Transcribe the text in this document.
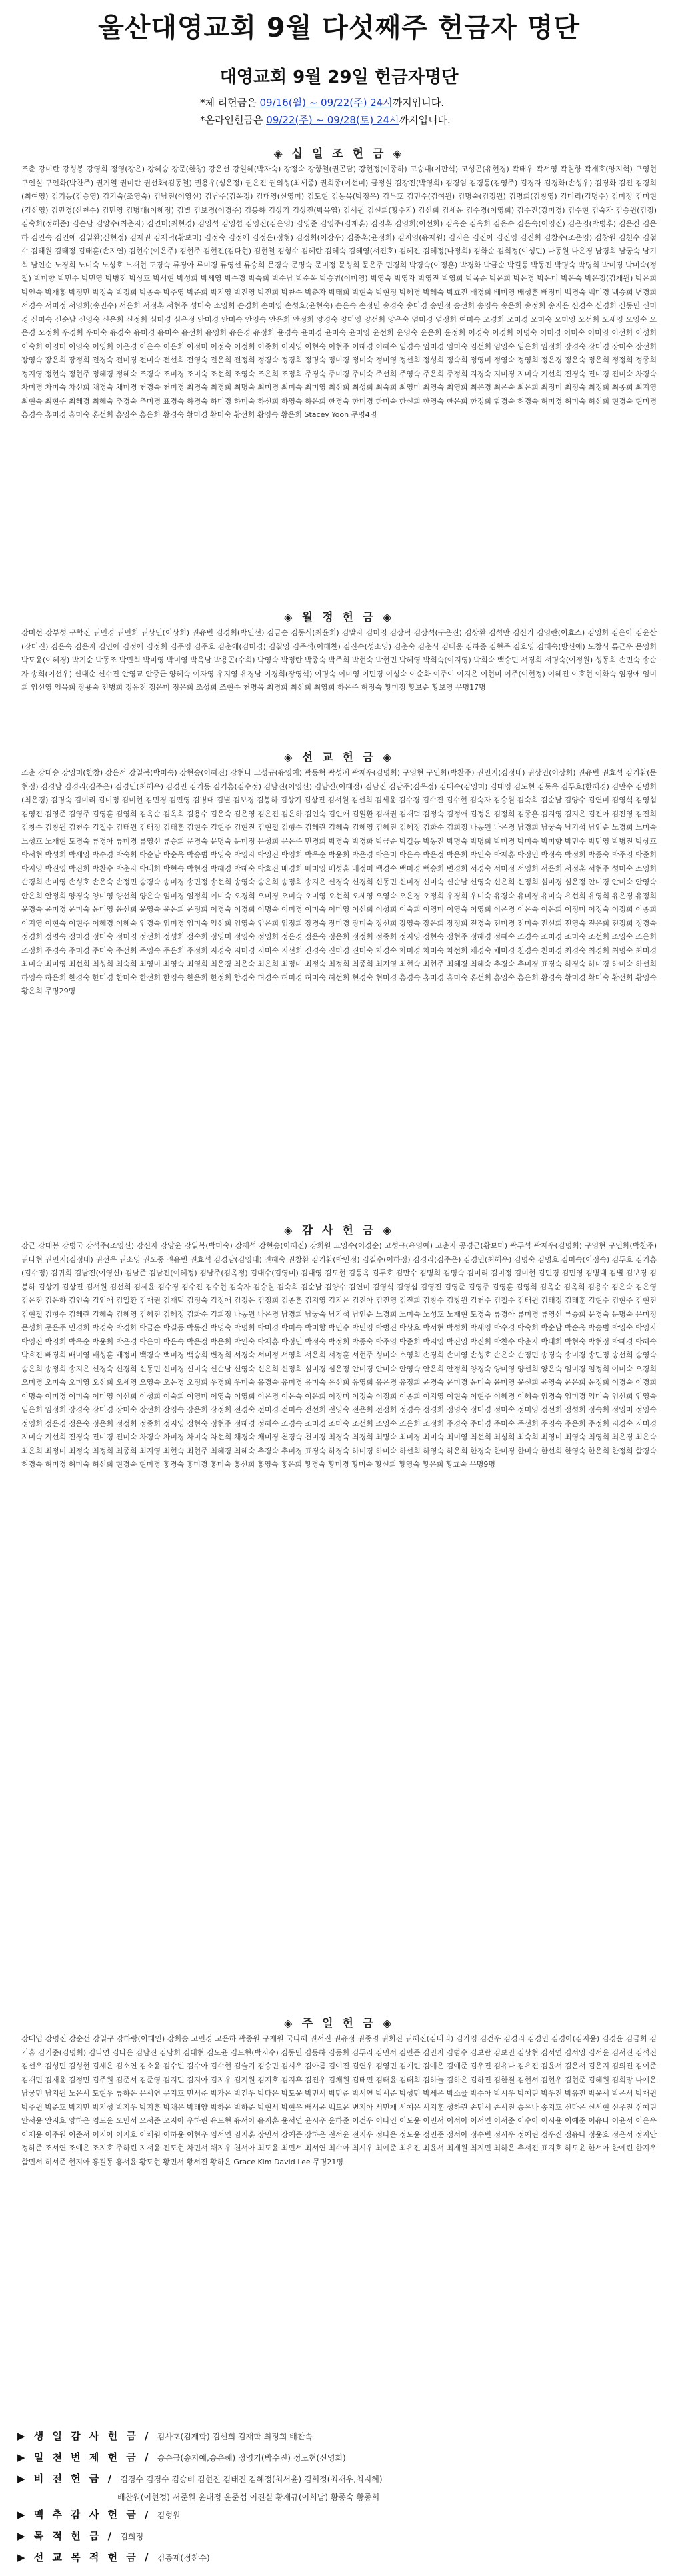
울산대영교회 9월 다섯째주 헌금자 명단
대영교회 9월 29일 헌금자명단
*체 리헌금은 09/16(월) ~ 09/22(주) 24시까지입니다.
*온라인헌금은 09/22(주) ~ 09/28(토) 24시까지입니다.
◈ 십 일 조 헌 금 ◈
조춘 강미란 강성봉 강영희 정영(강은) 강혜승 강문(한창) 강은선 강일혜(박자숙) 강정숙 강향철(권곤담) 강현정(이종하) 고승대(이판석) 고성곤(유현경) 곽태우 곽서영 곽원향 곽재호(양지혁) 구영현 구인실 구인화(박찬주) 권기열 권미란 권선화(김동철) 권용우(성은정) 권은진 권의성(최세종) 권희종(이선미) 금정실 김강진(박영희) 김경임 김경동(김영주) 김경자 김경화(손성우) 김경화 김진 김경희(최여영) 김기동(김승영) 김기숙(조영숙) 김남진(이영신) 김남주(김옥정) 김대영(신영미) 김도현 김동옥(박정우) 김두호 김민수(김여원) 김명숙(김정원) 김명희(김창영) 김미리(김명수) 김미정 김미현(김선영) 김민경(신천수) 김민영 김병대(이혜정) 김별 김보경(이경주) 김봉하 김상기 김상진(박옥엽) 김서원 김선희(황수지) 김선희 김세윤 김수경(이영희) 김수진(강미경) 김수현 김숙자 김승원(김정) 김숙희(정해준) 김순남 김양수(최춘자) 김연미(최현경) 김영석 김영섭 김영진(김은영) 김영준 김영주(김재훈) 김영훈 김영희(이선화) 김옥순 김옥희 김용수 김은숙(이영진) 김은영(박병후) 김은진 김은하 김인숙 김인애 김일환(신현정) 김재권 김재덕(황보미) 김정숙 김정애 김정은(정형) 김정희(이장우) 김종훈(윤정희) 김지영(유재원) 김지은 김진아 김진영 김진희 김창수(조은영) 김창원 김천수 김철수 김태원 김태정 김태훈(손지연) 김현수(이은주) 김현주 김현진(김다현) 김현철 김형수 김혜란 김혜숙 김혜영(서진호) 김혜진 김혜정(나정희) 김화순 김희정(이성민) 나동원 나은경 남경희 남궁숙 남기석 남인순 노경희 노미숙 노성호 노재현 도경숙 류경아 류미경 류영선 류승희 문경숙 문명숙 문미정 문성희 문은주 민경희 박경숙(이정훈) 박경화 박금순 박길동 박동진 박명숙 박명희 박미경 박미숙(정철) 박미향 박민수 박민영 박병진 박상호 박서현 박성희 박세영 박수경 박숙희 박순남 박순옥 박승범(이미영) 박영숙 박영자 박영진 박영희 박옥순 박윤희 박은경 박은미 박은숙 박은정(김재원) 박은희 박인숙 박재홍 박정민 박정숙 박정희 박종숙 박주영 박준희 박지영 박진영 박진희 박찬수 박춘자 박태희 박현숙 박현정 박혜경 박혜숙 박효진 배경희 배미영 배성훈 배정미 백경숙 백미경 백승희 변경희 서경숙 서미정 서영희(송민수) 서은희 서정훈 서현주 성미숙 소영희 손경희 손미영 손성호(윤현숙) 손은숙 손정민 송경숙 송미경 송민정 송선희 송영숙 송은희 송정희 송지은 신경숙 신경희 신동민 신미경 신미숙 신순남 신영숙 신은희 신정희 심미경 심은정 안미경 안미숙 안영숙 안은희 안정희 양경숙 양미영 양선희 양은숙 엄미경 엄정희 여미숙 오경희 오미경 오미숙 오미영 오선희 오세영 오영숙 오은경 오정희 우경희 우미숙 유경숙 유미경 유미숙 유선희 유영희 유은경 유정희 윤경숙 윤미경 윤미숙 윤미영 윤선희 윤영숙 윤은희 윤정희 이경숙 이경희 이명숙 이미경 이미숙 이미영 이선희 이성희 이숙희 이영미 이영숙 이영희 이은경 이은숙 이은희 이정미 이정숙 이정희 이종희 이지영 이현숙 이현주 이혜경 이혜숙 임경숙 임미경 임미숙 임선희 임영숙 임은희 임정희 장경숙 장미경 장미숙 장선희 장영숙 장은희 장정희 전경숙 전미경 전미숙 전선희 전영숙 전은희 전정희 정경숙 정경희 정명숙 정미경 정미숙 정미영 정선희 정성희 정숙희 정영미 정영숙 정영희 정은경 정은숙 정은희 정정희 정종희 정지영 정현숙 정현주 정혜경 정혜숙 조경숙 조미경 조미숙 조선희 조영숙 조은희 조정희 주경숙 주미경 주미숙 주선희 주영숙 주은희 주정희 지경숙 지미경 지미숙 지선희 진경숙 진미경 진미숙 차경숙 차미경 차미숙 차선희 채경숙 채미경 천경숙 천미경 최경숙 최경희 최명숙 최미경 최미숙 최미영 최선희 최성희 최숙희 최영미 최영숙 최영희 최은경 최은숙 최은희 최정미 최정숙 최정희 최종희 최지영 최현숙 최현주 최혜경 최혜숙 추경숙 추미경 표경숙 하경숙 하미경 하미숙 하선희 하영숙 하은희 한경숙 한미경 한미숙 한선희 한영숙 한은희 한정희 함경숙 허경숙 허미경 허미숙 허선희 현경숙 현미경 홍경숙 홍미경 홍미숙 홍선희 홍영숙 홍은희 황경숙 황미경 황미숙 황선희 황영숙 황은희 Stacey Yoon 무명4명
◈ 월 정 헌 금 ◈
강미선 강부성 구학진 권민경 권민희 권상민(이상희) 권유빈 김경희(박인선) 김금순 김동식(최윤희) 김말자 김미영 김상덕 김상석(구은진) 김상환 김석만 김신기 김영란(이효스) 김영희 김은아 김윤산(장미진) 김은숙 김은자 김인애 김정애 김정희 김주영 김주호 김춘애(김미경) 김칠영 김주석(이해찬) 김진수(성소영) 김춘숙 김춘식 김태웅 김하종 김현주 김호영 김혜숙(방신애) 도창식 류근우 문영희 박도윤(이혜경) 박기순 박동조 박민석 박미영 박미영 박옥남 박용곤(수희) 박영숙 박정란 박종숙 박주희 박현숙 박현민 박혜영 박희숙(이지영) 박희숙 백승민 서경희 서명숙(이정원) 성동희 손민숙 송순자 송희(이선우) 신대순 신수진 안영교 안중근 양혜숙 여자영 우지영 유경남 이경희(장영석) 이명숙 이미영 이민경 이성숙 이순화 이주이 이지은 이현미 이주(이현정) 이혜진 이호현 이화숙 임경애 임미희 임선영 임옥희 장용숙 전병희 정유진 정은미 정은희 조성희 조현수 천명옥 최경희 최선희 최영희 하은주 허정숙 황미정 황보순 황보영 무명17명
◈ 선 교 헌 금 ◈
조춘 강대승 강영미(한창) 강은서 강일복(박미숙) 강현승(이혜진) 강현나 고성규(유영예) 곽동혁 곽성례 곽재우(김명희) 구영현 구인화(박찬주) 권민지(김정태) 권상민(이상희) 권유빈 권효석 김기환(문현정) 김경남 김경리(김주은) 김경민(최해우) 김경민 김기동 김기홍(김수정) 김남진(이영신) 김남진(이혜정) 김남진 김남주(김옥정) 김대수(김영미) 김대영 김도현 김동옥 김두호(한혜경) 김만수 김명희(최은경) 김명숙 김미리 김미정 김미현 김민경 김민영 김병대 김별 김보경 김봉하 김상기 김상진 김서원 김선희 김세윤 김수경 김수진 김수현 김숙자 김승원 김숙희 김순남 김양수 김연미 김영석 김영섭 김영진 김영준 김영주 김영훈 김영희 김옥순 김옥희 김용수 김은숙 김은영 김은진 김은하 김인숙 김인애 김일환 김재권 김재덕 김정숙 김정애 김정은 김정희 김종훈 김지영 김지은 김진아 김진영 김진희 김창수 김창원 김천수 김철수 김태원 김태정 김태훈 김현수 김현주 김현진 김현철 김형수 김혜란 김혜숙 김혜영 김혜진 김혜정 김화순 김희정 나동원 나은경 남경희 남궁숙 남기석 남인순 노경희 노미숙 노성호 노재현 도경숙 류경아 류미경 류영선 류승희 문경숙 문명숙 문미정 문성희 문은주 민경희 박경숙 박경화 박금순 박길동 박동진 박명숙 박명희 박미경 박미숙 박미향 박민수 박민영 박병진 박상호 박서현 박성희 박세영 박수경 박숙희 박순남 박순옥 박승범 박영숙 박영자 박영진 박영희 박옥순 박윤희 박은경 박은미 박은숙 박은정 박은희 박인숙 박재홍 박정민 박정숙 박정희 박종숙 박주영 박준희 박지영 박진영 박진희 박찬수 박춘자 박태희 박현숙 박현정 박혜경 박혜숙 박효진 배경희 배미영 배성훈 배정미 백경숙 백미경 백승희 변경희 서경숙 서미정 서영희 서은희 서정훈 서현주 성미숙 소영희 손경희 손미영 손성호 손은숙 손정민 송경숙 송미경 송민정 송선희 송영숙 송은희 송정희 송지은 신경숙 신경희 신동민 신미경 신미숙 신순남 신영숙 신은희 신정희 심미경 심은정 안미경 안미숙 안영숙 안은희 안정희 양경숙 양미영 양선희 양은숙 엄미경 엄정희 여미숙 오경희 오미경 오미숙 오미영 오선희 오세영 오영숙 오은경 오정희 우경희 우미숙 유경숙 유미경 유미숙 유선희 유영희 유은경 유정희 윤경숙 윤미경 윤미숙 윤미영 윤선희 윤영숙 윤은희 윤정희 이경숙 이경희 이명숙 이미경 이미숙 이미영 이선희 이성희 이숙희 이영미 이영숙 이영희 이은경 이은숙 이은희 이정미 이정숙 이정희 이종희 이지영 이현숙 이현주 이혜경 이혜숙 임경숙 임미경 임미숙 임선희 임영숙 임은희 임정희 장경숙 장미경 장미숙 장선희 장영숙 장은희 장정희 전경숙 전미경 전미숙 전선희 전영숙 전은희 전정희 정경숙 정경희 정명숙 정미경 정미숙 정미영 정선희 정성희 정숙희 정영미 정영숙 정영희 정은경 정은숙 정은희 정정희 정종희 정지영 정현숙 정현주 정혜경 정혜숙 조경숙 조미경 조미숙 조선희 조영숙 조은희 조정희 주경숙 주미경 주미숙 주선희 주영숙 주은희 주정희 지경숙 지미경 지미숙 지선희 진경숙 진미경 진미숙 차경숙 차미경 차미숙 차선희 채경숙 채미경 천경숙 천미경 최경숙 최경희 최명숙 최미경 최미숙 최미영 최선희 최성희 최숙희 최영미 최영숙 최영희 최은경 최은숙 최은희 최정미 최정숙 최정희 최종희 최지영 최현숙 최현주 최혜경 최혜숙 추경숙 추미경 표경숙 하경숙 하미경 하미숙 하선희 하영숙 하은희 한경숙 한미경 한미숙 한선희 한영숙 한은희 한정희 함경숙 허경숙 허미경 허미숙 허선희 현경숙 현미경 홍경숙 홍미경 홍미숙 홍선희 홍영숙 홍은희 황경숙 황미경 황미숙 황선희 황영숙 황은희 무명29명
◈ 감 사 헌 금 ◈
강근 강대봉 강병국 강석주(조영신) 강신자 강양윤 강일복(박미숙) 강재석 강현승(이혜진) 강희원 고영수(이경순) 고성규(유영예) 고춘자 공경근(황보미) 곽두석 곽재우(김명희) 구영현 구인화(박찬주) 권다현 권민지(김정태) 권선옥 권소영 권오중 권유빈 권효석 김경남(김영태) 권혜숙 권창환 김기환(박민정) 김길수(이하정) 김경리(김주은) 김경민(최해우) 김명숙 김명호 김미숙(이정숙) 김두호 김기홍(김수정) 김귀희 김남진(이영신) 김남준 김남진(이혜정) 김남주(김옥정) 김대수(김영미) 김대영 김도현 김동옥 김두호 김만수 김명희 김명숙 김미리 김미정 김미현 김민경 김민영 김병대 김별 김보경 김봉하 김상기 김상진 김서원 김선희 김세윤 김수경 김수진 김수현 김숙자 김승원 김숙희 김순남 김양수 김연미 김영석 김영섭 김영진 김영준 김영주 김영훈 김영희 김옥순 김옥희 김용수 김은숙 김은영 김은진 김은하 김인숙 김인애 김일환 김재권 김재덕 김정숙 김정애 김정은 김정희 김종훈 김지영 김지은 김진아 김진영 김진희 김창수 김창원 김천수 김철수 김태원 김태정 김태훈 김현수 김현주 김현진 김현철 김형수 김혜란 김혜숙 김혜영 김혜진 김혜정 김화순 김희정 나동원 나은경 남경희 남궁숙 남기석 남인순 노경희 노미숙 노성호 노재현 도경숙 류경아 류미경 류영선 류승희 문경숙 문명숙 문미정 문성희 문은주 민경희 박경숙 박경화 박금순 박길동 박동진 박명숙 박명희 박미경 박미숙 박미향 박민수 박민영 박병진 박상호 박서현 박성희 박세영 박수경 박숙희 박순남 박순옥 박승범 박영숙 박영자 박영진 박영희 박옥순 박윤희 박은경 박은미 박은숙 박은정 박은희 박인숙 박재홍 박정민 박정숙 박정희 박종숙 박주영 박준희 박지영 박진영 박진희 박찬수 박춘자 박태희 박현숙 박현정 박혜경 박혜숙 박효진 배경희 배미영 배성훈 배정미 백경숙 백미경 백승희 변경희 서경숙 서미정 서영희 서은희 서정훈 서현주 성미숙 소영희 손경희 손미영 손성호 손은숙 손정민 송경숙 송미경 송민정 송선희 송영숙 송은희 송정희 송지은 신경숙 신경희 신동민 신미경 신미숙 신순남 신영숙 신은희 신정희 심미경 심은정 안미경 안미숙 안영숙 안은희 안정희 양경숙 양미영 양선희 양은숙 엄미경 엄정희 여미숙 오경희 오미경 오미숙 오미영 오선희 오세영 오영숙 오은경 오정희 우경희 우미숙 유경숙 유미경 유미숙 유선희 유영희 유은경 유정희 윤경숙 윤미경 윤미숙 윤미영 윤선희 윤영숙 윤은희 윤정희 이경숙 이경희 이명숙 이미경 이미숙 이미영 이선희 이성희 이숙희 이영미 이영숙 이영희 이은경 이은숙 이은희 이정미 이정숙 이정희 이종희 이지영 이현숙 이현주 이혜경 이혜숙 임경숙 임미경 임미숙 임선희 임영숙 임은희 임정희 장경숙 장미경 장미숙 장선희 장영숙 장은희 장정희 전경숙 전미경 전미숙 전선희 전영숙 전은희 전정희 정경숙 정경희 정명숙 정미경 정미숙 정미영 정선희 정성희 정숙희 정영미 정영숙 정영희 정은경 정은숙 정은희 정정희 정종희 정지영 정현숙 정현주 정혜경 정혜숙 조경숙 조미경 조미숙 조선희 조영숙 조은희 조정희 주경숙 주미경 주미숙 주선희 주영숙 주은희 주정희 지경숙 지미경 지미숙 지선희 진경숙 진미경 진미숙 차경숙 차미경 차미숙 차선희 채경숙 채미경 천경숙 천미경 최경숙 최경희 최명숙 최미경 최미숙 최미영 최선희 최성희 최숙희 최영미 최영숙 최영희 최은경 최은숙 최은희 최정미 최정숙 최정희 최종희 최지영 최현숙 최현주 최혜경 최혜숙 추경숙 추미경 표경숙 하경숙 하미경 하미숙 하선희 하영숙 하은희 한경숙 한미경 한미숙 한선희 한영숙 한은희 한정희 함경숙 허경숙 허미경 허미숙 허선희 현경숙 현미경 홍경숙 홍미경 홍미숙 홍선희 홍영숙 홍은희 황경숙 황미경 황미숙 황선희 황영숙 황은희 황효숙 무명9명
◈ 주 일 헌 금 ◈
강대엽 강명진 강순선 강일구 강하랑(이혜인) 강희송 고민경 고은하 곽종원 구재원 국다혜 권서진 권유정 권종명 권희진 권혜진(김태리) 김가영 김건우 김경리 김경민 김경아(김지윤) 김경윤 김금희 김기홍 김기준(김명희) 김나연 김나은 김남진 김남희 김대현 김도윤 김도현(박지수) 김동민 김동하 김동희 김두리 김민서 김민준 김민지 김범수 김보람 김보민 김상현 김서연 김서영 김서윤 김서진 김석진 김선우 김성민 김성현 김세은 김소연 김소윤 김수빈 김수아 김수현 김슬기 김승민 김시우 김아름 김여진 김연우 김영민 김예린 김예은 김예준 김우진 김유나 김유진 김윤서 김은서 김은지 김의진 김이준 김재민 김재윤 김정민 김주원 김준서 김준영 김지민 김지아 김지우 김지원 김지호 김지후 김진우 김채원 김태민 김태윤 김태희 김하늘 김하은 김하진 김한결 김현서 김현우 김현준 김혜원 김희망 나예은 남궁민 남지원 노은서 도현우 류하은 문서연 문지호 민서준 박가은 박건우 박다은 박도윤 박민서 박민준 박서연 박서준 박성민 박세은 박소율 박수아 박시우 박예린 박우진 박유진 박윤서 박은서 박재원 박주원 박준호 박지민 박지성 박지우 박지훈 박채은 박태양 박하윤 박하준 박현서 박현우 배서윤 백도윤 변지아 서민재 서예은 서지훈 성하린 손민서 손서진 송유나 송지호 신다은 신서현 신우진 심예린 안서윤 안지호 양하은 엄도윤 오민서 오서준 오지아 우하린 유도현 유서아 유지훈 윤서연 윤시우 윤하준 이건우 이다인 이도윤 이민서 이서아 이서연 이서준 이수아 이시윤 이예준 이유나 이윤서 이은우 이재윤 이주원 이준서 이지아 이지호 이채원 이하윤 이현우 임서연 임지훈 장민서 장예준 장하은 전서윤 전지우 정다은 정도윤 정민준 정서아 정수빈 정시우 정예린 정우진 정유나 정윤호 정은서 정지안 정하준 조서연 조예은 조지호 주하린 지서윤 진도현 차민서 채지우 천서아 최도윤 최민서 최서연 최수아 최시우 최예준 최유진 최윤서 최재원 최지민 최하은 추서진 표지호 하도윤 한서아 한예린 한지우 함민서 허서준 현지아 홍길동 홍서윤 황도현 황민서 황서진 황하은 Grace Kim David Lee 무명21명
▶ 생 일 감 사 헌 금 / 김사호(김재학) 김선희 김재학 최정희 배찬속
▶ 일 천 번 제 헌 금 / 송순금(송지예,송은혜) 정영기(박수진) 정도현(신영희)
▶ 비 전 헌 금 / 김경수 김경수 김승비 김현진 김태진 김혜정(최서윤) 김희정(최재우,최지혜)
배찬원(이현정) 서준원 윤대정 윤준섭 이진실 황재규(이희남) 황종숙 황종희
▶ 맥 추 감 사 헌 금 / 김형원
▶ 목 적 헌 금 / 김희정
▶ 선 교 목 적 헌 금 / 김종재(정찬수)
